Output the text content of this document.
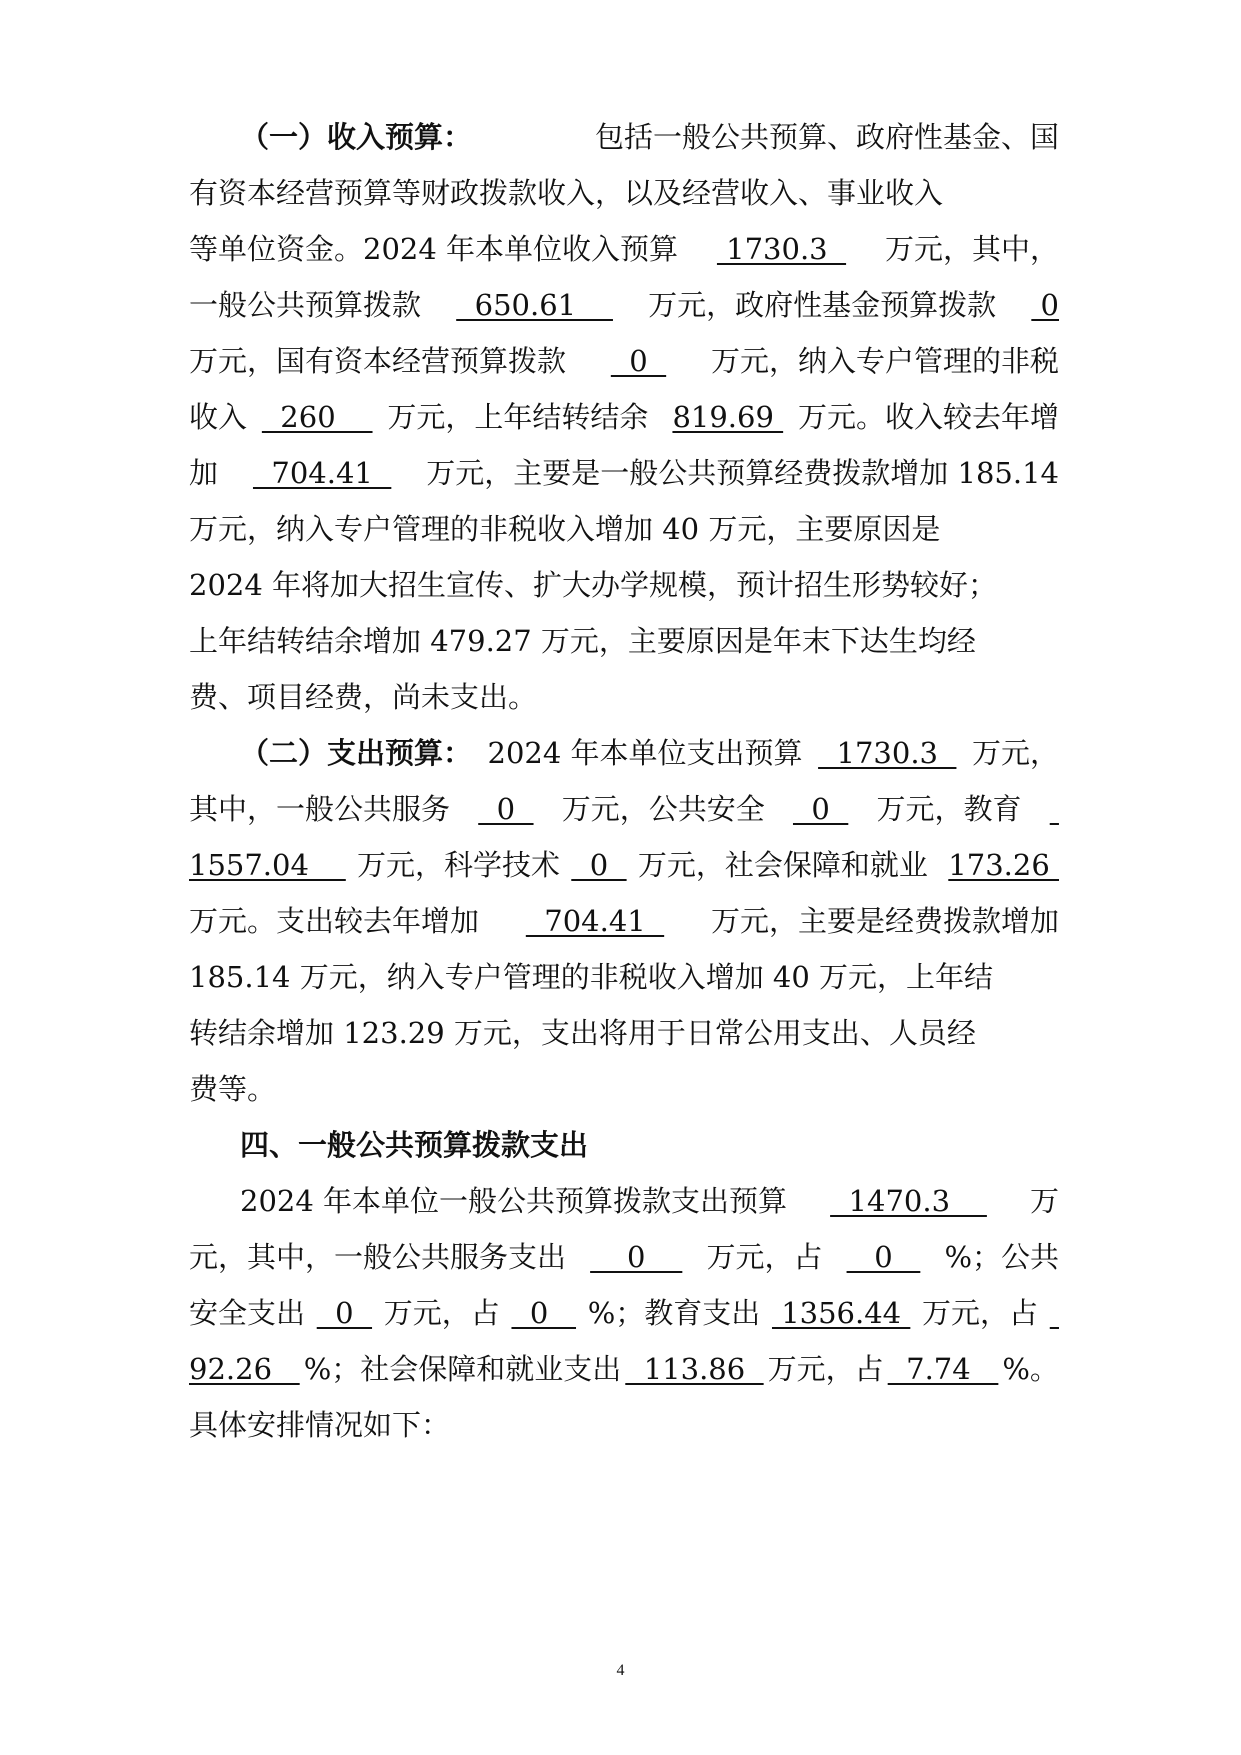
（一）收入预算：	包括一般公共预算、政府性基金、国
有资本经营预算等财政拨款收入，以及经营收入、事业收入
等单位资金。2024 年本单位收入预算 1730.3 万元，其中，
一般公共预算拨款 650.61 万元，政府性基金预算拨款 0
万元，国有资本经营预算拨款 0 万元，纳入专户管理的非税
收入 260 万元，上年结转结余 819.69 万元。收入较去年增
加 704.41 万元，主要是一般公共预算经费拨款增加 185.14
万元，纳入专户管理的非税收入增加 40 万元，主要原因是
2024 年将加大招生宣传、扩大办学规模，预计招生形势较好；
上年结转结余增加 479.27 万元，主要原因是年末下达生均经
费、项目经费，尚未支出。
（二）支出预算： 2024 年本单位支出预算 1730.3 万元，
其中，一般公共服务 0 万元，公共安全 0 万元，教育

1557.04 万元，科学技术 0 万元，社会保障和就业 173.26
万元。支出较去年增加 704.41 万元，主要是经费拨款增加
185.14 万元，纳入专户管理的非税收入增加 40 万元，上年结
转结余增加 123.29 万元，支出将用于日常公用支出、人员经
费等。
四、一般公共预算拨款支出
2024 年本单位一般公共预算拨款支出预算 1470.3 万
元，其中，一般公共服务支出 0 万元，占 0 %；公共
安全支出 0 万元，占 0 %；教育支出 1356.44 万元，占

92.26 %；社会保障和就业支出 113.86 万元，占 7.74 %。
具体安排情况如下：
4
